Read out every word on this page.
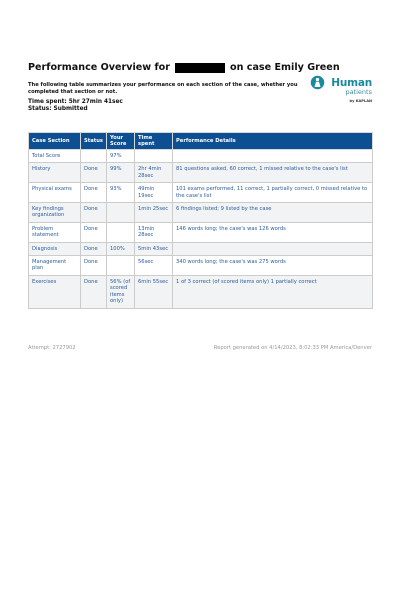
Performance Overview for	on case Emily Green
The following table summarizes your performance on each section of the case, whether you completed that section or not.
Time spent: 5hr 27min 41sec
Status: Submitted
Human
patients
by KAPLAN
Case Section	Status	Your Score	Time spent	Performance Details
Total Score		97%		
History	Done	99%	2hr 4min 28sec	81 questions asked, 60 correct, 1 missed relative to the case's list
Physical exams	Done	93%	49min 19sec	101 exams performed, 11 correct, 1 partially correct, 0 missed relative to the case's list
Key findings organization	Done		1min 25sec	6 findings listed; 9 listed by the case
Problem statement	Done		13min 28sec	146 words long; the case's was 126 words
Diagnosis	Done	100%	5min 43sec	
Management plan	Done		56sec	340 words long; the case's was 275 words
Exercises	Done	56% (of scored items only)	6min 55sec	1 of 3 correct (of scored items only) 1 partially correct
Attempt: 2727902	Report generated on 4/14/2023, 8:02:33 PM America/Denver
